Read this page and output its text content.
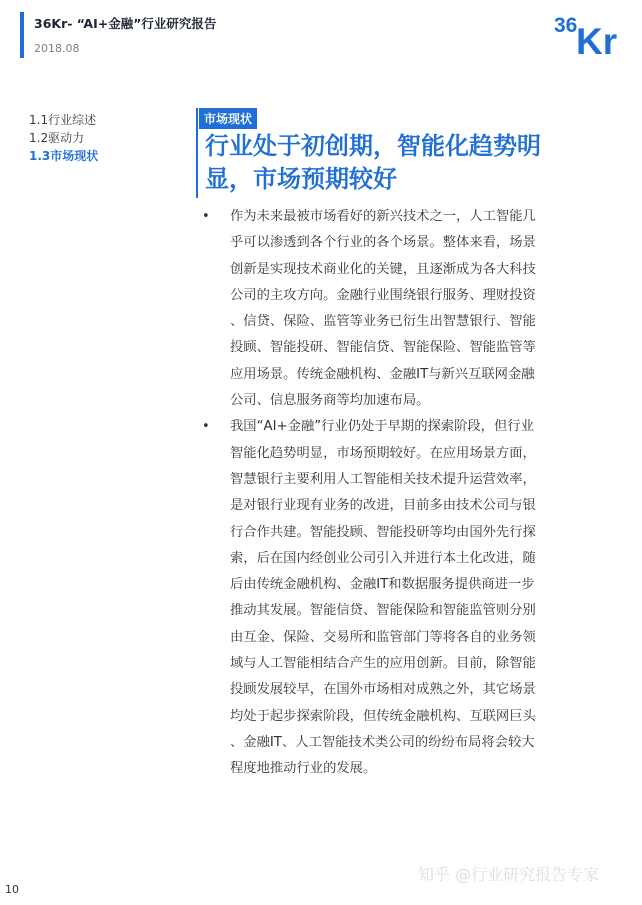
36Kr- “AI+金融”行业研究报告
2018.08
36
Kr
1.1行业综述
1.2驱动力
1.3市场现状
市场现状
行业处于初创期，智能化趋势明
显，市场预期较好
• 作为未来最被市场看好的新兴技术之一，人工智能几
乎可以渗透到各个行业的各个场景。整体来看，场景
创新是实现技术商业化的关键，且逐渐成为各大科技
公司的主攻方向。金融行业围绕银行服务、理财投资
、信贷、保险、监管等业务已衍生出智慧银行、智能
投顾、智能投研、智能信贷、智能保险、智能监管等
应用场景。传统金融机构、金融IT与新兴互联网金融
公司、信息服务商等均加速布局。
• 我国“AI+金融”行业仍处于早期的探索阶段，但行业
智能化趋势明显，市场预期较好。在应用场景方面，
智慧银行主要利用人工智能相关技术提升运营效率，
是对银行业现有业务的改进，目前多由技术公司与银
行合作共建。智能投顾、智能投研等均由国外先行探
索，后在国内经创业公司引入并进行本土化改进，随
后由传统金融机构、金融IT和数据服务提供商进一步
推动其发展。智能信贷、智能保险和智能监管则分别
由互金、保险、交易所和监管部门等将各自的业务领
域与人工智能相结合产生的应用创新。目前，除智能
投顾发展较早，在国外市场相对成熟之外，其它场景
均处于起步探索阶段，但传统金融机构、互联网巨头
、金融IT、人工智能技术类公司的纷纷布局将会较大
程度地推动行业的发展。
10
知乎 @行业研究报告专家
